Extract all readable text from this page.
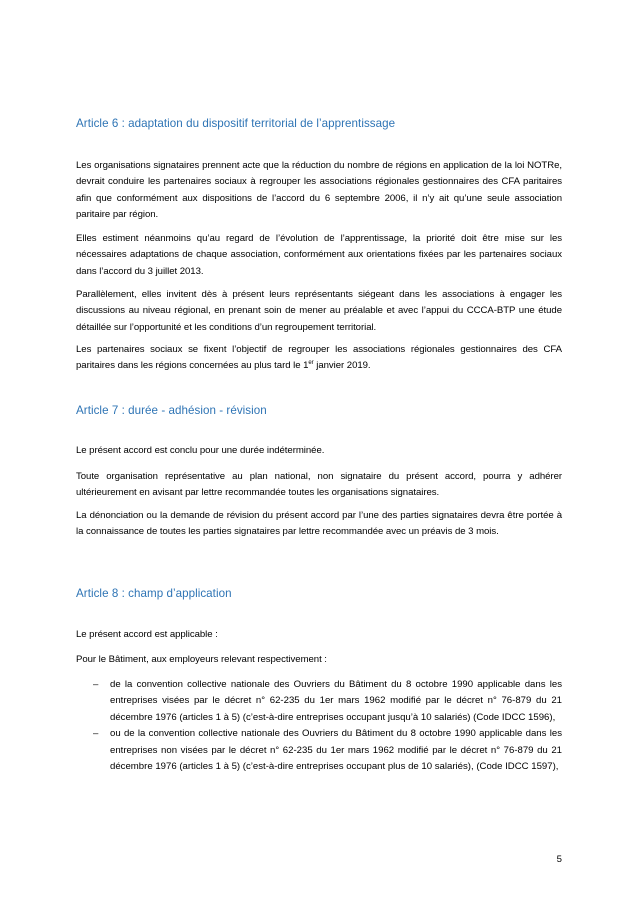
Article 6 : adaptation du dispositif territorial de l’apprentissage

Les organisations signataires prennent acte que la réduction du nombre de régions en application de la loi NOTRe, devrait conduire les partenaires sociaux à regrouper les associations régionales gestionnaires des CFA paritaires afin que conformément aux dispositions de l’accord du 6 septembre 2006, il n’y ait qu’une seule association paritaire par région.

Elles estiment néanmoins qu’au regard de l’évolution de l’apprentissage, la priorité doit être mise sur les nécessaires adaptations de chaque association, conformément aux orientations fixées par les partenaires sociaux dans l’accord du 3 juillet 2013.

Parallèlement, elles invitent dès à présent leurs représentants siégeant dans les associations à engager les discussions au niveau régional, en prenant soin de mener au préalable et avec l’appui du CCCA-BTP une étude détaillée sur l’opportunité et les conditions d’un regroupement territorial.

Les partenaires sociaux se fixent l’objectif de regrouper les associations régionales gestionnaires des CFA paritaires dans les régions concernées au plus tard le 1er janvier 2019.

Article 7 : durée - adhésion - révision

Le présent accord est conclu pour une durée indéterminée.

Toute organisation représentative au plan national, non signataire du présent accord, pourra y adhérer ultérieurement en avisant par lettre recommandée toutes les organisations signataires.

La dénonciation ou la demande de révision du présent accord par l’une des parties signataires devra être portée à la connaissance de toutes les parties signataires par lettre recommandée avec un préavis de 3 mois.

Article 8 : champ d’application

Le présent accord est applicable :

Pour le Bâtiment, aux employeurs relevant respectivement :

– de la convention collective nationale des Ouvriers du Bâtiment du 8 octobre 1990 applicable dans les entreprises visées par le décret n° 62-235 du 1er mars 1962 modifié par le décret n° 76-879 du 21 décembre 1976 (articles 1 à 5) (c’est-à-dire entreprises occupant jusqu’à 10 salariés) (Code IDCC 1596),
– ou de la convention collective nationale des Ouvriers du Bâtiment du 8 octobre 1990 applicable dans les entreprises non visées par le décret n° 62-235 du 1er mars 1962 modifié par le décret n° 76-879 du 21 décembre 1976 (articles 1 à 5) (c’est-à-dire entreprises occupant plus de 10 salariés), (Code IDCC 1597),
5
